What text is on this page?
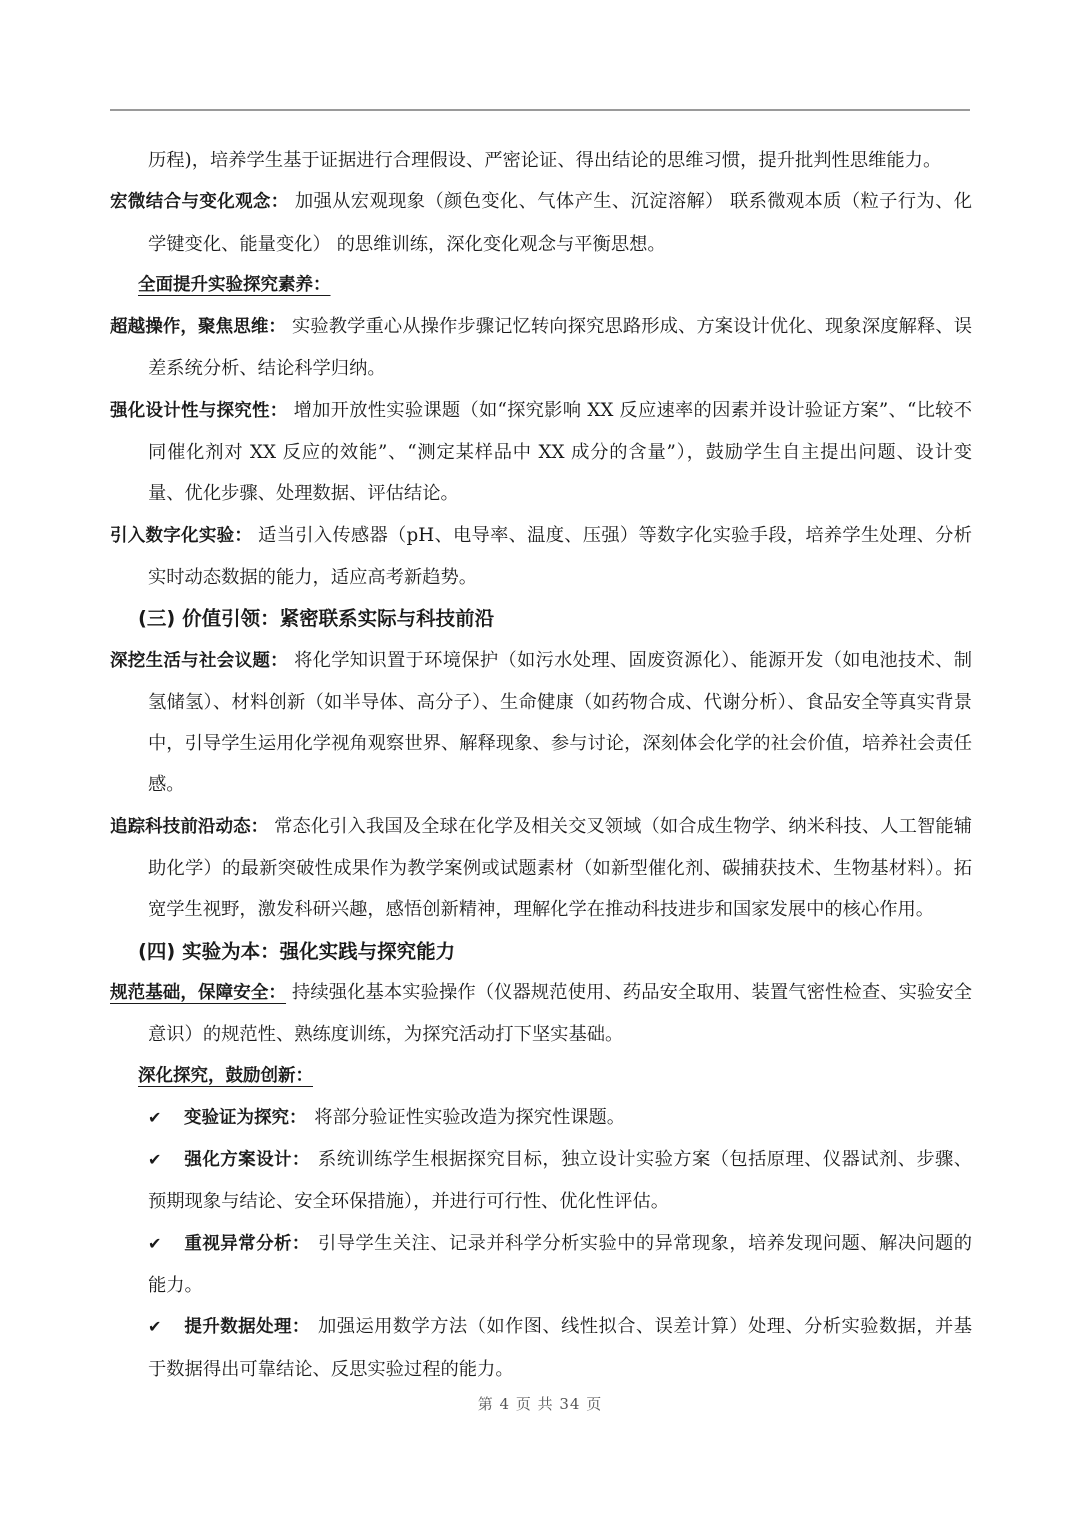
历程)，培养学生基于证据进行合理假设、严密论证、得出结论的思维习惯，提升批判性思维能力。

宏微结合与变化观念： 加强从宏观现象（颜色变化、气体产生、沉淀溶解） 联系微观本质（粒子行为、化学键变化、能量变化） 的思维训练，深化变化观念与平衡思想。

全面提升实验探究素养：

超越操作，聚焦思维： 实验教学重心从操作步骤记忆转向探究思路形成、方案设计优化、现象深度解释、误差系统分析、结论科学归纳。

强化设计性与探究性： 增加开放性实验课题（如“探究影响 XX 反应速率的因素并设计验证方案”、“比较不同催化剂对 XX 反应的效能”、“测定某样品中 XX 成分的含量”），鼓励学生自主提出问题、设计变量、优化步骤、处理数据、评估结论。

引入数字化实验： 适当引入传感器（pH、电导率、温度、压强）等数字化实验手段，培养学生处理、分析实时动态数据的能力，适应高考新趋势。

(三) 价值引领：紧密联系实际与科技前沿

深挖生活与社会议题： 将化学知识置于环境保护（如污水处理、固废资源化）、能源开发（如电池技术、制氢储氢）、材料创新（如半导体、高分子）、生命健康（如药物合成、代谢分析）、食品安全等真实背景中，引导学生运用化学视角观察世界、解释现象、参与讨论，深刻体会化学的社会价值，培养社会责任感。

追踪科技前沿动态： 常态化引入我国及全球在化学及相关交叉领域（如合成生物学、纳米科技、人工智能辅助化学）的最新突破性成果作为教学案例或试题素材（如新型催化剂、碳捕获技术、生物基材料）。拓宽学生视野，激发科研兴趣，感悟创新精神，理解化学在推动科技进步和国家发展中的核心作用。

(四) 实验为本：强化实践与探究能力

规范基础，保障安全： 持续强化基本实验操作（仪器规范使用、药品安全取用、装置气密性检查、实验安全意识）的规范性、熟练度训练，为探究活动打下坚实基础。

深化探究，鼓励创新：

✔ 变验证为探究： 将部分验证性实验改造为探究性课题。

✔ 强化方案设计： 系统训练学生根据探究目标，独立设计实验方案（包括原理、仪器试剂、步骤、预期现象与结论、安全环保措施），并进行可行性、优化性评估。

✔ 重视异常分析： 引导学生关注、记录并科学分析实验中的异常现象，培养发现问题、解决问题的能力。

✔ 提升数据处理： 加强运用数学方法（如作图、线性拟合、误差计算）处理、分析实验数据，并基于数据得出可靠结论、反思实验过程的能力。

第 4 页 共 34 页
